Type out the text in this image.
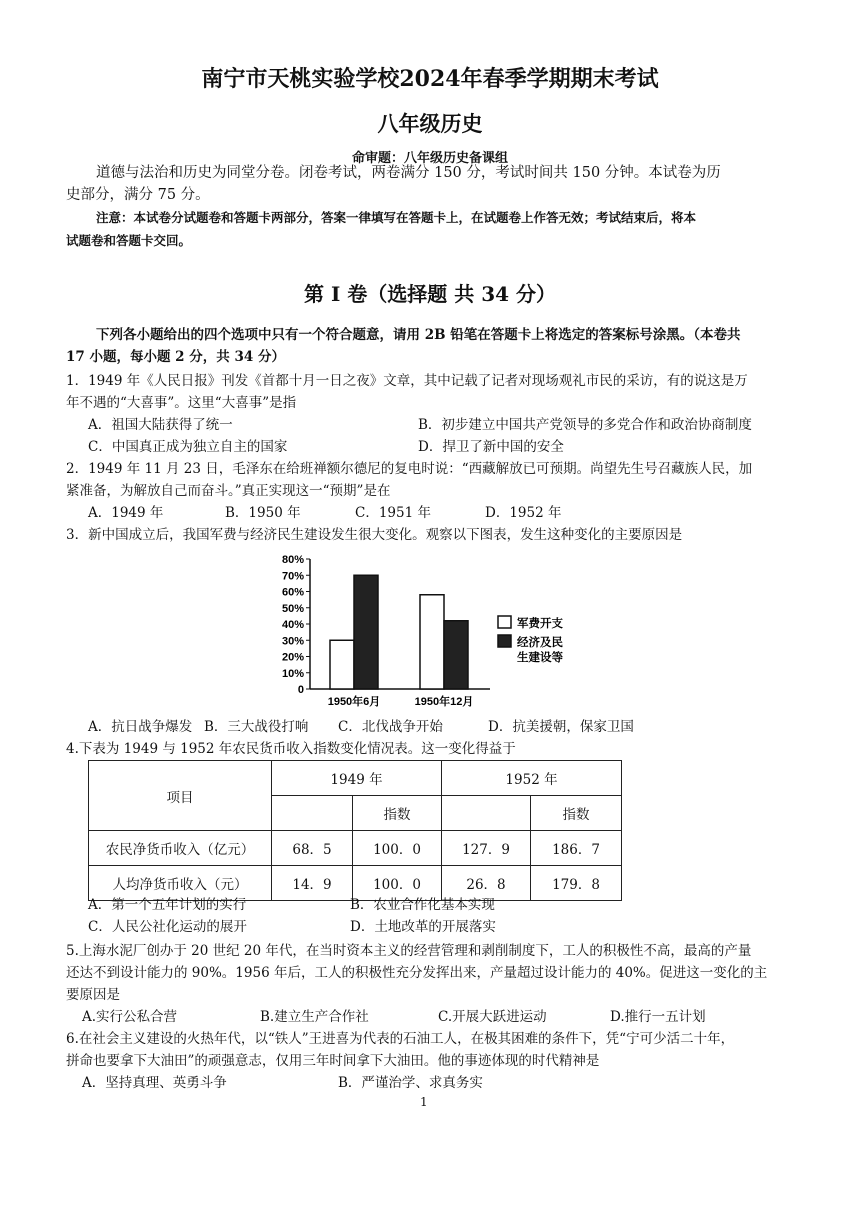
南宁市天桃实验学校2024年春季学期期末考试
八年级历史
命审题：八年级历史备课组
道德与法治和历史为同堂分卷。闭卷考试，两卷满分 150 分，考试时间共 150 分钟。本试卷为历
史部分，满分 75 分。
注意：本试卷分试题卷和答题卡两部分，答案一律填写在答题卡上，在试题卷上作答无效；考试结束后，将本
试题卷和答题卡交回。
第 I 卷（选择题 共 34 分）
下列各小题给出的四个选项中只有一个符合题意，请用 2B 铅笔在答题卡上将选定的答案标号涂黑。（本卷共
17 小题，每小题 2 分，共 34 分）
1．1949 年《人民日报》刊发《首都十月一日之夜》文章，其中记载了记者对现场观礼市民的采访，有的说这是万
年不遇的“大喜事”。这里“大喜事”是指
A．祖国大陆获得了统一	B．初步建立中国共产党领导的多党合作和政治协商制度
C．中国真正成为独立自主的国家	D．捍卫了新中国的安全
2．1949 年 11 月 23 日，毛泽东在给班禅额尔德尼的复电时说：“西藏解放已可预期。尚望先生号召藏族人民，加
紧准备，为解放自己而奋斗。”真正实现这一“预期”是在
A．1949 年	B．1950 年	C．1951 年	D．1952 年
3．新中国成立后，我国军费与经济民生建设发生很大变化。观察以下图表，发生这种变化的主要原因是
0
10%
20%
30%
40%
50%
60%
70%
80%
1950年6月	1950年12月
军费开支
经济及民生建设等
A．抗日战争爆发 B．三大战役打响 C．北伐战争开始	D．抗美援朝，保家卫国
4.下表为 1949 与 1952 年农民货币收入指数变化情况表。这一变化得益于
项目	1949 年		1952 年	
		指数		指数
农民净货币收入（亿元）	68．5	100．0	127．9	186．7
人均净货币收入（元）	14．9	100．0	26．8	179．8
A．第一个五年计划的实行	B．农业合作化基本实现
C．人民公社化运动的展开	D．土地改革的开展落实
5.上海水泥厂创办于 20 世纪 20 年代，在当时资本主义的经营管理和剥削制度下，工人的积极性不高，最高的产量
还达不到设计能力的 90%。1956 年后，工人的积极性充分发挥出来，产量超过设计能力的 40%。促进这一变化的主
要原因是
A.实行公私合营	B.建立生产合作社	C.开展大跃进运动	D.推行一五计划
6.在社会主义建设的火热年代，以“铁人”王进喜为代表的石油工人，在极其困难的条件下，凭“宁可少活二十年，
拼命也要拿下大油田”的顽强意志，仅用三年时间拿下大油田。他的事迹体现的时代精神是
A．坚持真理、英勇斗争	B．严谨治学、求真务实
1
